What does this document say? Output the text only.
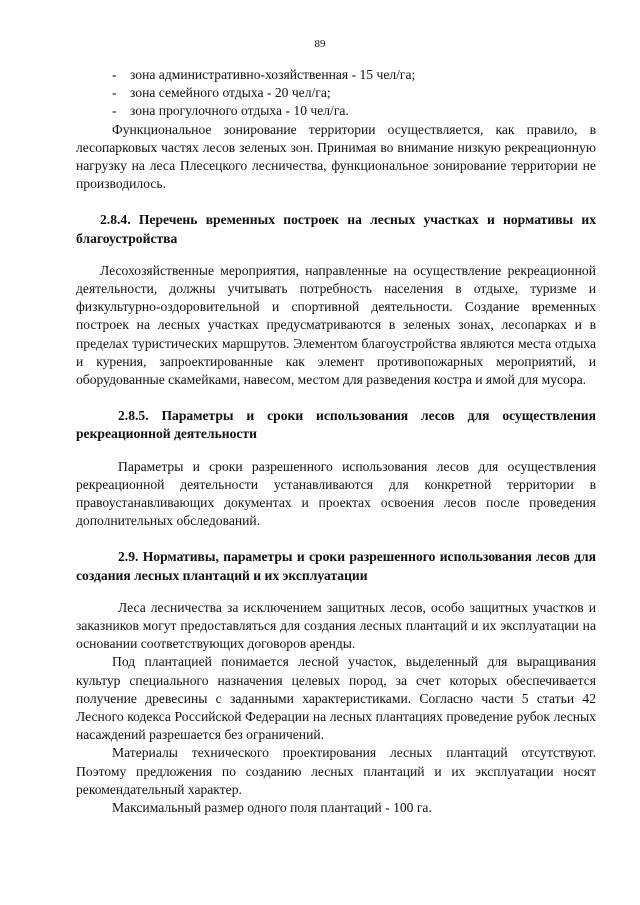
89
- зона административно-хозяйственная - 15 чел/га;
- зона семейного отдыха - 20 чел/га;
- зона прогулочного отдыха - 10 чел/га.

Функциональное зонирование территории осуществляется, как правило, в лесопарковых частях лесов зеленых зон. Принимая во внимание низкую рекреационную нагрузку на леса Плесецкого лесничества, функциональное зонирование территории не производилось.

2.8.4. Перечень временных построек на лесных участках и нормативы их благоустройства

Лесохозяйственные мероприятия, направленные на осуществление рекреационной деятельности, должны учитывать потребность населения в отдыхе, туризме и физкультурно-оздоровительной и спортивной деятельности. Создание временных построек на лесных участках предусматриваются в зеленых зонах, лесопарках и в пределах туристических маршрутов. Элементом благоустройства являются места отдыха и курения, запроектированные как элемент противопожарных мероприятий, и оборудованные скамейками, навесом, местом для разведения костра и ямой для мусора.

2.8.5. Параметры и сроки использования лесов для осуществления рекреационной деятельности

Параметры и сроки разрешенного использования лесов для осуществления рекреационной деятельности устанавливаются для конкретной территории в правоустанавливающих документах и проектах освоения лесов после проведения дополнительных обследований.

2.9. Нормативы, параметры и сроки разрешенного использования лесов для создания лесных плантаций и их эксплуатации

Леса лесничества за исключением защитных лесов, особо защитных участков и заказников могут предоставляться для создания лесных плантаций и их эксплуатации на основании соответствующих договоров аренды.

Под плантацией понимается лесной участок, выделенный для выращивания культур специального назначения целевых пород, за счет которых обеспечивается получение древесины с заданными характеристиками. Согласно части 5 статьи 42 Лесного кодекса Российской Федерации на лесных плантациях проведение рубок лесных насаждений разрешается без ограничений.

Материалы технического проектирования лесных плантаций отсутствуют. Поэтому предложения по созданию лесных плантаций и их эксплуатации носят рекомендательный характер.

Максимальный размер одного поля плантаций - 100 га.
